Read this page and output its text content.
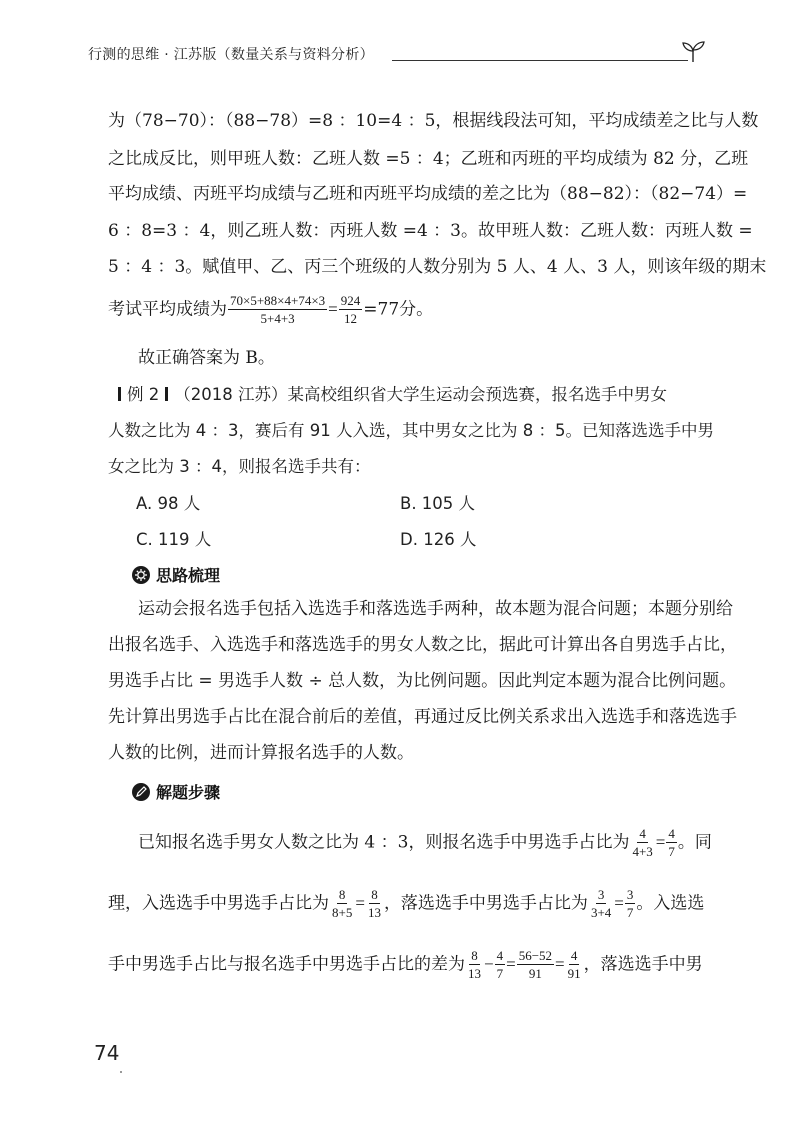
行测的思维 · 江苏版（数量关系与资料分析）
为（78−70）：（88−78）=8 ：10=4 ：5，根据线段法可知，平均成绩差之比与人数
之比成反比，则甲班人数：乙班人数 =5 ：4；乙班和丙班的平均成绩为 82 分，乙班
平均成绩、丙班平均成绩与乙班和丙班平均成绩的差之比为（88−82）：（82−74）=
6 ：8=3 ：4，则乙班人数：丙班人数 =4 ：3。故甲班人数：乙班人数：丙班人数 =
5 ：4 ：3。赋值甲、乙、丙三个班级的人数分别为 5 人、4 人、3 人，则该年级的期末
考试平均成绩为 $\frac{70\times 5+88\times 4+74\times 3}{5+4+3} = \frac{924}{12} =77$分。
故正确答案为 B。
例 2 （2018 江苏）某高校组织省大学生运动会预选赛，报名选手中男女
人数之比为 4 ：3，赛后有 91 人入选，其中男女之比为 8 ：5。已知落选选手中男
女之比为 3 ：4，则报名选手共有：
A. 98 人	B. 105 人
C. 119 人	D. 126 人
思路梳理
运动会报名选手包括入选选手和落选选手两种，故本题为混合问题；本题分别给
出报名选手、入选选手和落选选手的男女人数之比，据此可计算出各自男选手占比，
男选手占比 = 男选手人数 ÷ 总人数，为比例问题。因此判定本题为混合比例问题。
先计算出男选手占比在混合前后的差值，再通过反比例关系求出入选选手和落选选手
人数的比例，进而计算报名选手的人数。
解题步骤
已知报名选手男女人数之比为 4 ：3，则报名选手中男选手占比为 $\frac{4}{4+3} = \frac{4}{7}$ 。同
理，入选选手中男选手占比为 $\frac{8}{8+5} = \frac{8}{13}$ ，落选选手中男选手占比为 $\frac{3}{3+4} = \frac{3}{7}$ 。入选选
手中男选手占比与报名选手中男选手占比的差为 $\frac{8}{13} - \frac{4}{7} = \frac{56-52}{91} = \frac{4}{91}$ ，落选选手中男
74
